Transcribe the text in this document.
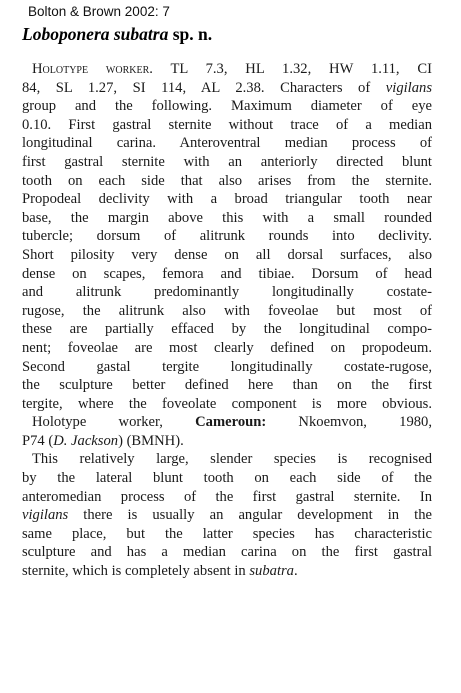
Bolton & Brown 2002: 7
Loboponera subatra sp. n.
Holotype worker. TL 7.3, HL 1.32, HW 1.11, CI
84, SL 1.27, SI 114, AL 2.38. Characters of vigilans
group and the following. Maximum diameter of eye
0.10. First gastral sternite without trace of a median
longitudinal carina. Anteroventral median process of
first gastral sternite with an anteriorly directed blunt
tooth on each side that also arises from the sternite.
Propodeal declivity with a broad triangular tooth near
base, the margin above this with a small rounded
tubercle; dorsum of alitrunk rounds into declivity.
Short pilosity very dense on all dorsal surfaces, also
dense on scapes, femora and tibiae. Dorsum of head
and alitrunk predominantly longitudinally costate-
rugose, the alitrunk also with foveolae but most of
these are partially effaced by the longitudinal compo-
nent; foveolae are most clearly defined on propodeum.
Second gastal tergite longitudinally costate-rugose,
the sculpture better defined here than on the first
tergite, where the foveolate component is more obvious.
Holotype worker, Cameroun: Nkoemvon, 1980,
P74 (D. Jackson) (BMNH).
This relatively large, slender species is recognised
by the lateral blunt tooth on each side of the
anteromedian process of the first gastral sternite. In
vigilans there is usually an angular development in the
same place, but the latter species has characteristic
sculpture and has a median carina on the first gastral
sternite, which is completely absent in subatra.
